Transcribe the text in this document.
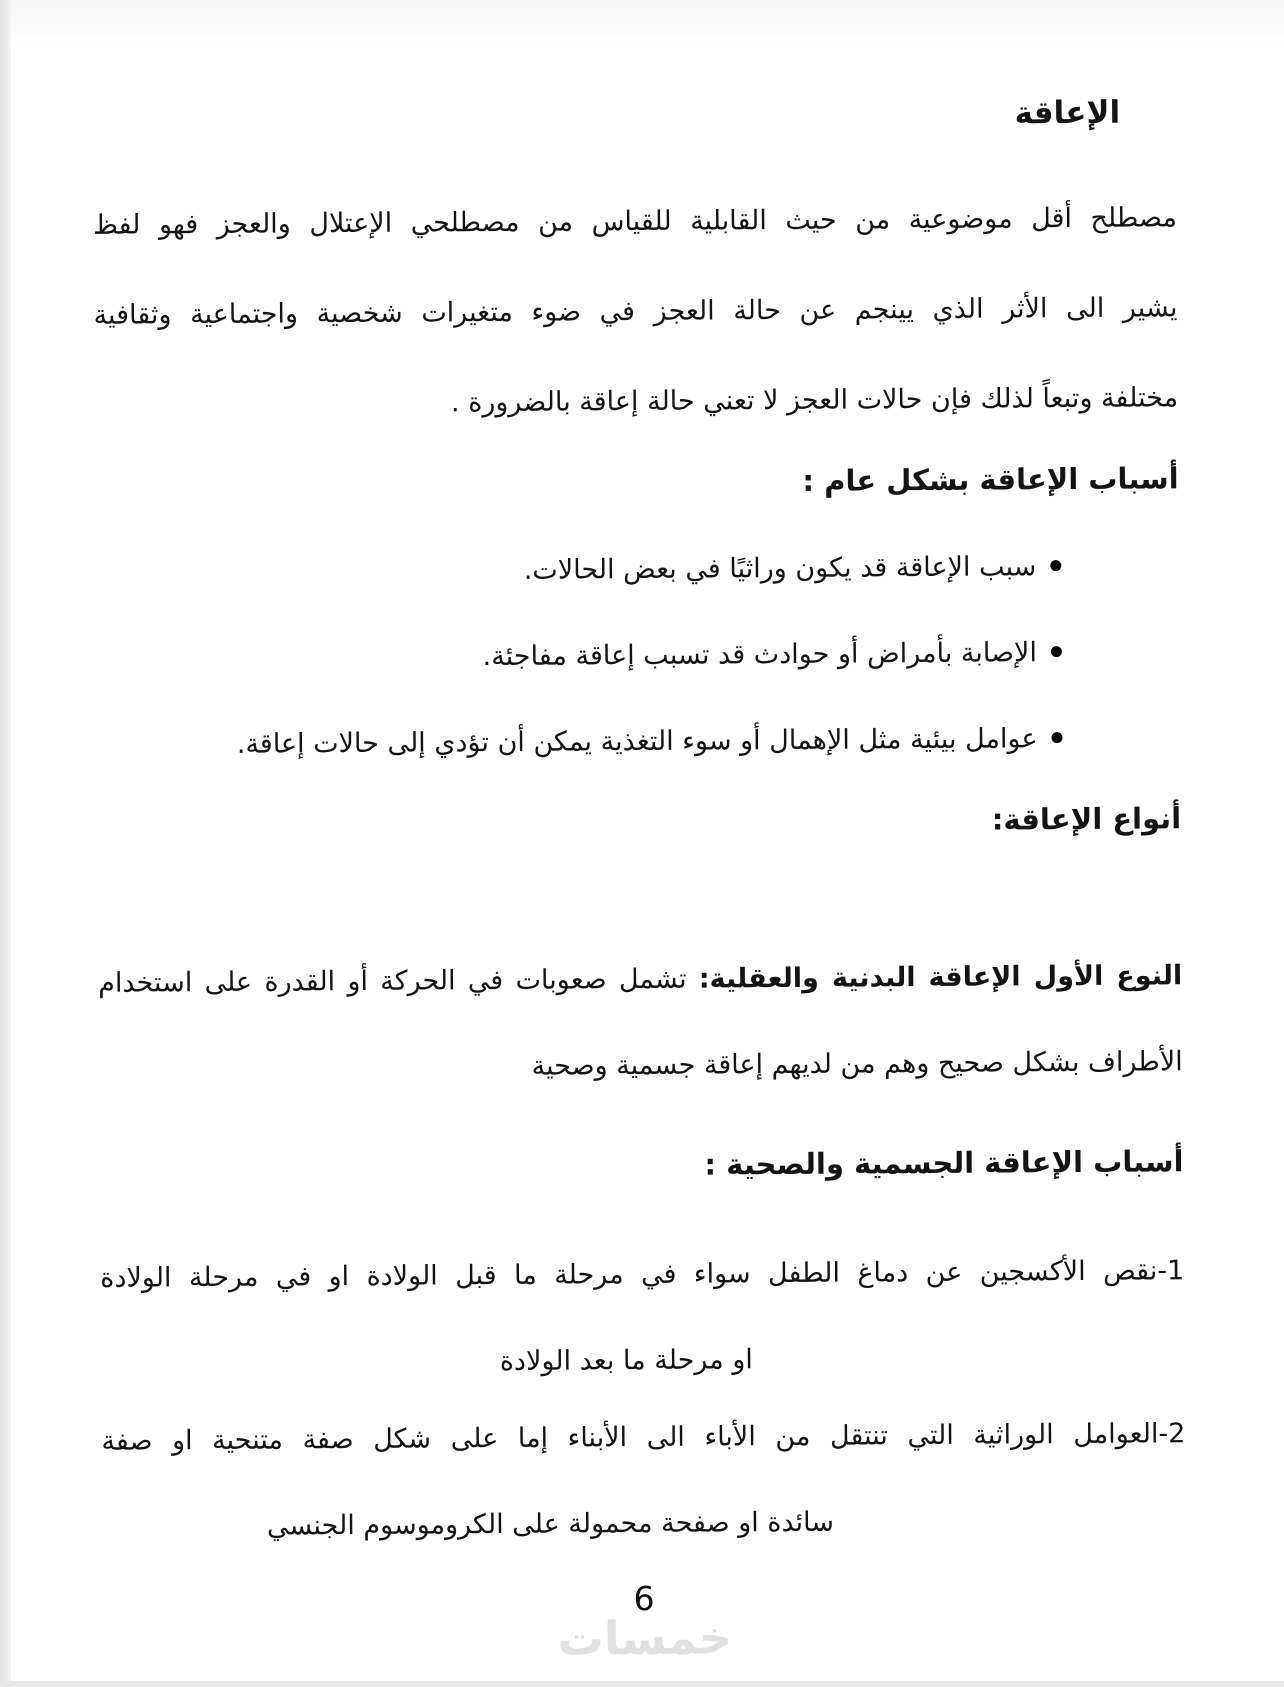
الإعاقة
مصطلح أقل موضوعية من حيث القابلية للقياس من مصطلحي الإعتلال والعجز فهو لفظ
يشير الى الأثر الذي يينجم عن حالة العجز في ضوء متغيرات شخصية واجتماعية وثقافية
مختلفة وتبعاً لذلك فإن حالات العجز لا تعني حالة إعاقة بالضرورة .
أسباب الإعاقة بشكل عام :
سبب الإعاقة قد يكون وراثيًا في بعض الحالات.
الإصابة بأمراض أو حوادث قد تسبب إعاقة مفاجئة.
عوامل بيئية مثل الإهمال أو سوء التغذية يمكن أن تؤدي إلى حالات إعاقة.
أنواع الإعاقة:
النوع الأول الإعاقة البدنية والعقلية: تشمل صعوبات في الحركة أو القدرة على استخدام
الأطراف بشكل صحيح وهم من لديهم إعاقة جسمية وصحية
أسباب الإعاقة الجسمية والصحية :
1-نقص الأكسجين عن دماغ الطفل سواء في مرحلة ما قبل الولادة او في مرحلة الولادة
او مرحلة ما بعد الولادة
2-العوامل الوراثية التي تنتقل من الأباء الى الأبناء إما على شكل صفة متنحية او صفة
سائدة او صفحة محمولة على الكروموسوم الجنسي
خمسات
6
